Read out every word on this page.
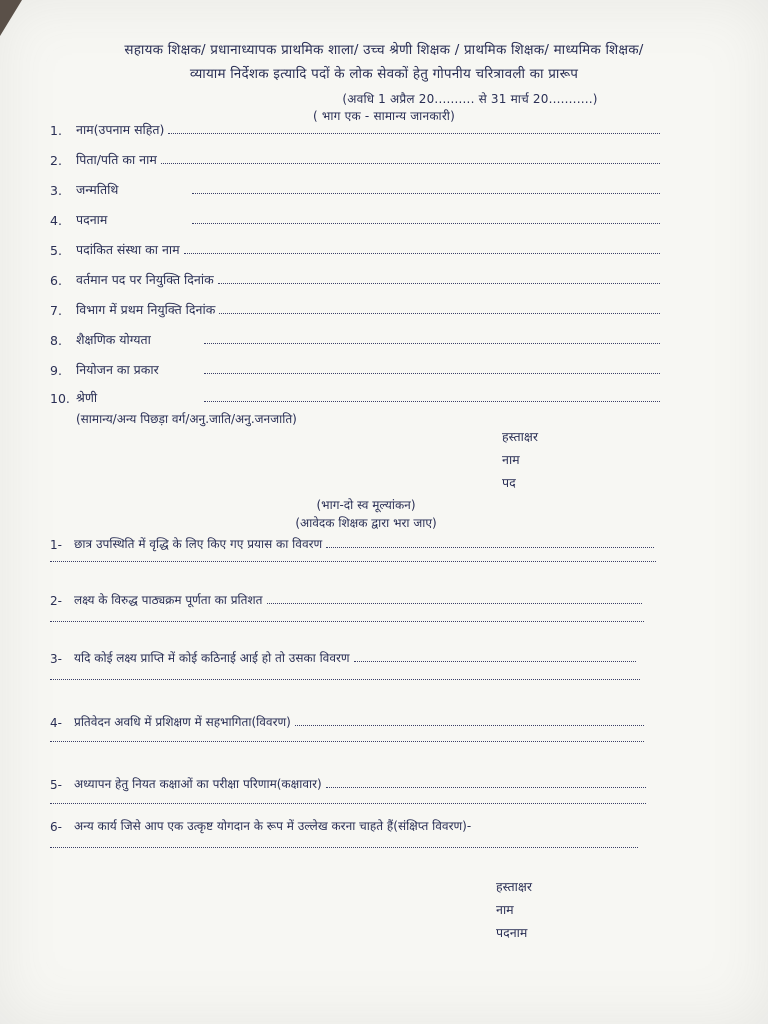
सहायक शिक्षक/ प्रधानाध्यापक प्राथमिक शाला/ उच्च श्रेणी शिक्षक / प्राथमिक शिक्षक/ माध्यमिक शिक्षक/
व्यायाम निर्देशक इत्यादि पदों के लोक सेवकों हेतु गोपनीय चरित्रावली का प्रारूप
(अवधि 1 अप्रैल 20.......... से 31 मार्च 20...........)
( भाग एक - सामान्य जानकारी)
1.	नाम(उपनाम सहित)
2.	पिता/पति का नाम
3.	जन्मतिथि
4.	पदनाम
5.	पदांकित संस्था का नाम
6.	वर्तमान पद पर नियुक्ति दिनांक
7.	विभाग में प्रथम नियुक्ति दिनांक
8.	शैक्षणिक योग्यता
9.	नियोजन का प्रकार
10. श्रेणी
(सामान्य/अन्य पिछड़ा वर्ग/अनु.जाति/अनु.जनजाति)
हस्ताक्षर
नाम
पद
(भाग-दो स्व मूल्यांकन)
(आवेदक शिक्षक द्वारा भरा जाए)
1-	छात्र उपस्थिति में वृद्धि के लिए किए गए प्रयास का विवरण
2-	लक्ष्य के विरुद्ध पाठ्यक्रम पूर्णता का प्रतिशत
3-	यदि कोई लक्ष्य प्राप्ति में कोई कठिनाई आई हो तो उसका विवरण
4-	प्रतिवेदन अवधि में प्रशिक्षण में सहभागिता(विवरण)
5-	अध्यापन हेतु नियत कक्षाओं का परीक्षा परिणाम(कक्षावार)
6-	अन्य कार्य जिसे आप एक उत्कृष्ट योगदान के रूप में उल्लेख करना चाहते हैं(संक्षिप्त विवरण)-
हस्ताक्षर
नाम
पदनाम
